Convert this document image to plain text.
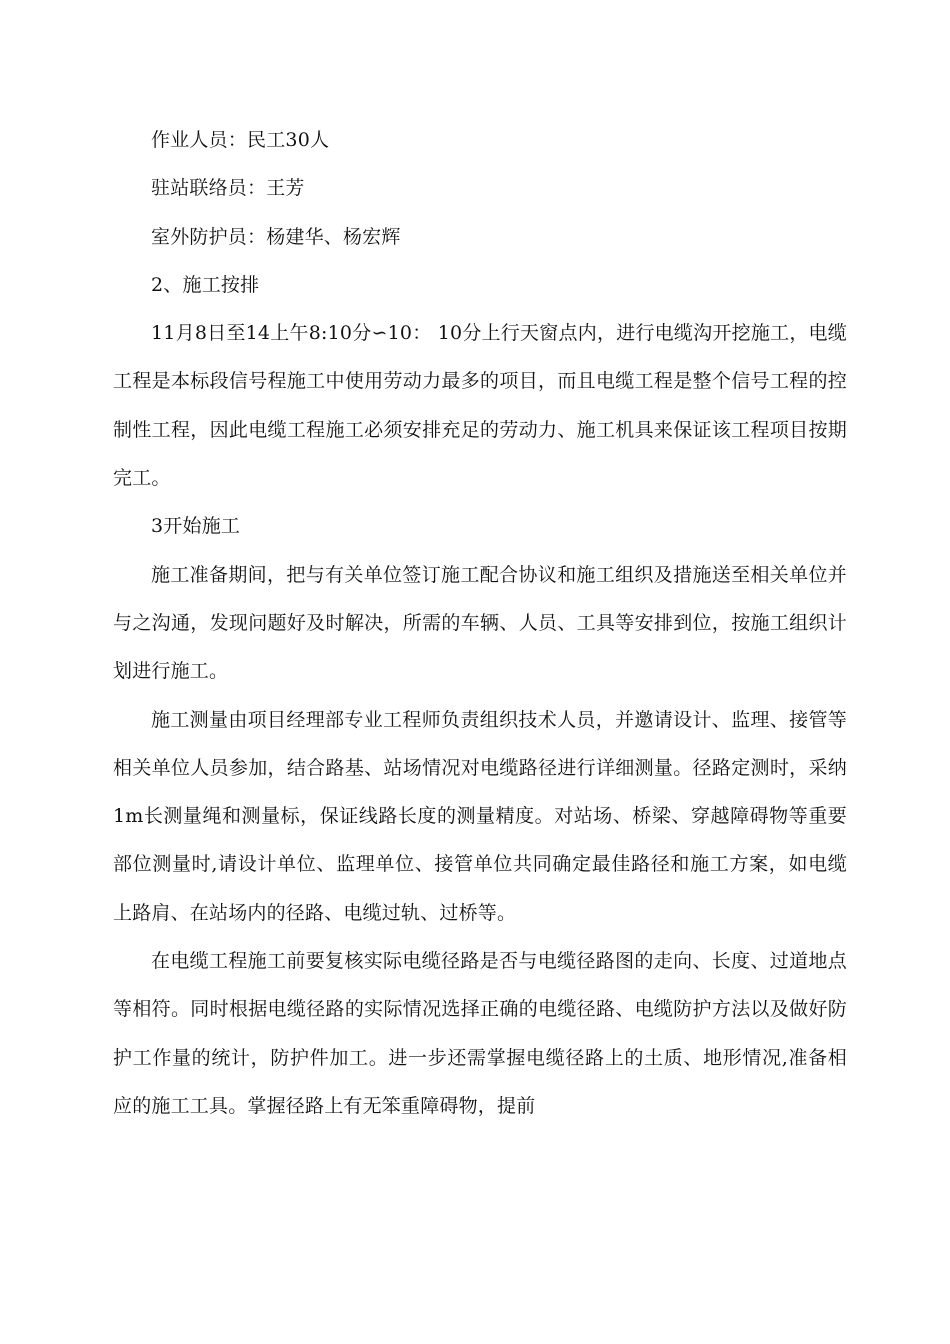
作业人员：民工30人

驻站联络员：王芳

室外防护员：杨建华、杨宏辉

2、施工按排

11月8日至14上午8:10分∽10： 10分上行天窗点内，进行电缆沟开挖施工，电缆工程是本标段信号程施工中使用劳动力最多的项目，而且电缆工程是整个信号工程的控制性工程，因此电缆工程施工必须安排充足的劳动力、施工机具来保证该工程项目按期完工。

3开始施工

施工准备期间，把与有关单位签订施工配合协议和施工组织及措施送至相关单位并与之沟通，发现问题好及时解决，所需的车辆、人员、工具等安排到位，按施工组织计划进行施工。

施工测量由项目经理部专业工程师负责组织技术人员，并邀请设计、监理、接管等相关单位人员参加，结合路基、站场情况对电缆路径进行详细测量。径路定测时，采纳1m长测量绳和测量标，保证线路长度的测量精度。对站场、桥梁、穿越障碍物等重要部位测量时,请设计单位、监理单位、接管单位共同确定最佳路径和施工方案，如电缆上路肩、在站场内的径路、电缆过轨、过桥等。

在电缆工程施工前要复核实际电缆径路是否与电缆径路图的走向、长度、过道地点等相符。同时根据电缆径路的实际情况选择正确的电缆径路、电缆防护方法以及做好防护工作量的统计，防护件加工。进一步还需掌握电缆径路上的土质、地形情况,准备相应的施工工具。掌握径路上有无笨重障碍物，提前
